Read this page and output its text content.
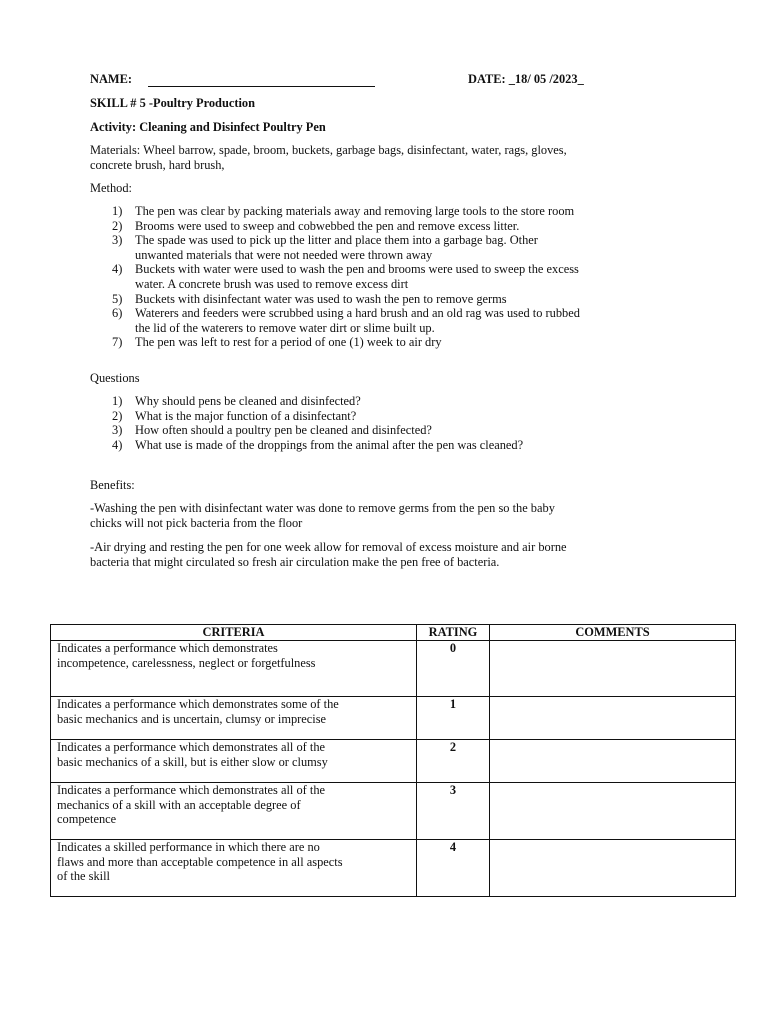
NAME:	DATE: _18/ 05 /2023_

SKILL # 5 -Poultry Production

Activity: Cleaning and Disinfect Poultry Pen

Materials: Wheel barrow, spade, broom, buckets, garbage bags, disinfectant, water, rags, gloves,
concrete brush, hard brush,

Method:

1) The pen was clear by packing materials away and removing large tools to the store room
2) Brooms were used to sweep and cobwebbed the pen and remove excess litter.
3) The spade was used to pick up the litter and place them into a garbage bag. Other
unwanted materials that were not needed were thrown away
4) Buckets with water were used to wash the pen and brooms were used to sweep the excess
water. A concrete brush was used to remove excess dirt
5) Buckets with disinfectant water was used to wash the pen to remove germs
6) Waterers and feeders were scrubbed using a hard brush and an old rag was used to rubbed
the lid of the waterers to remove water dirt or slime built up.
7) The pen was left to rest for a period of one (1) week to air dry

Questions

1) Why should pens be cleaned and disinfected?
2) What is the major function of a disinfectant?
3) How often should a poultry pen be cleaned and disinfected?
4) What use is made of the droppings from the animal after the pen was cleaned?

Benefits:

-Washing the pen with disinfectant water was done to remove germs from the pen so the baby
chicks will not pick bacteria from the floor
-Air drying and resting the pen for one week allow for removal of excess moisture and air borne
bacteria that might circulated so fresh air circulation make the pen free of bacteria.
CRITERIA	RATING	COMMENTS

Indicates a performance which demonstrates
incompetence, carelessness, neglect or forgetfulness	0	

Indicates a performance which demonstrates some of the
basic mechanics and is uncertain, clumsy or imprecise	1	

Indicates a performance which demonstrates all of the
basic mechanics of a skill, but is either slow or clumsy	2	

Indicates a performance which demonstrates all of the
mechanics of a skill with an acceptable degree of
competence	3	

Indicates a skilled performance in which there are no
flaws and more than acceptable competence in all aspects
of the skill	4	
